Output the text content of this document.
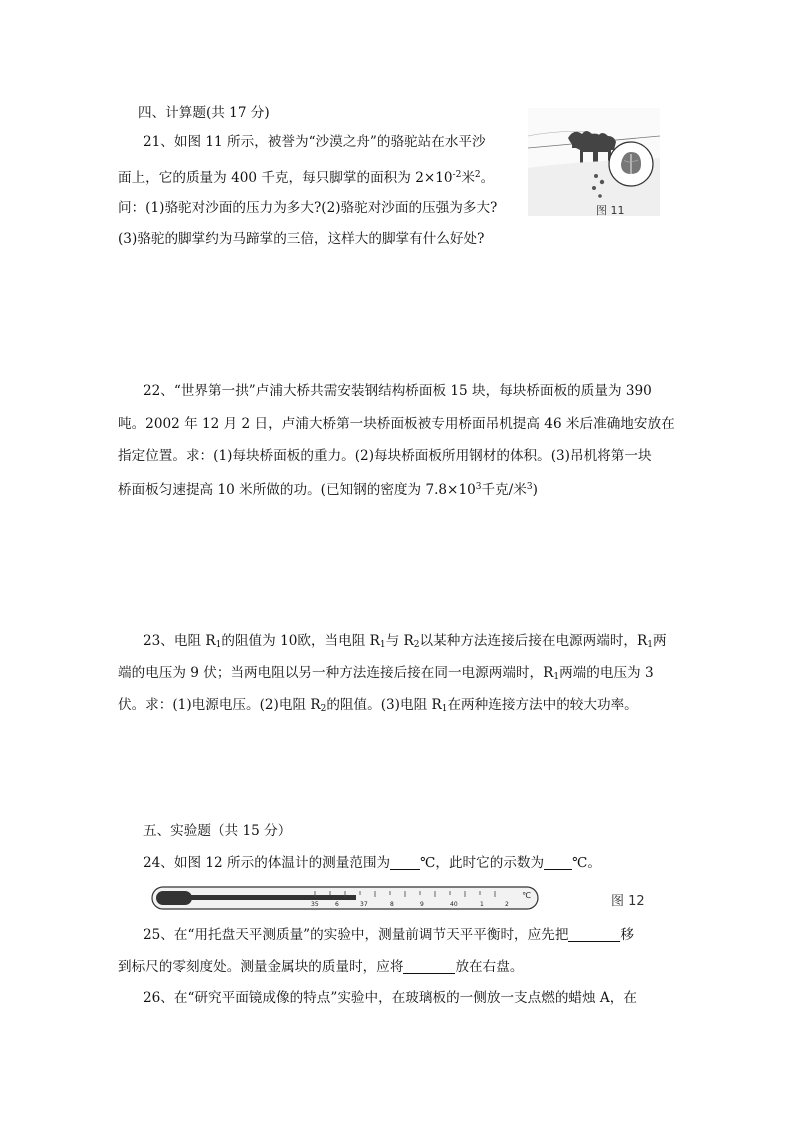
四、计算题(共 17 分)
21、如图 11 所示，被誉为“沙漠之舟”的骆驼站在水平沙
面上，它的质量为 400 千克，每只脚掌的面积为 $2\times 10^{-2}$米$^2$。
问：(1)骆驼对沙面的压力为多大?(2)骆驼对沙面的压强为多大?
(3)骆驼的脚掌约为马蹄掌的三倍，这样大的脚掌有什么好处?
图 11
22、“世界第一拱”卢浦大桥共需安装钢结构桥面板 15 块，每块桥面板的质量为 390
吨。2002 年 12 月 2 日，卢浦大桥第一块桥面板被专用桥面吊机提高 46 米后准确地安放在
指定位置。求：(1)每块桥面板的重力。(2)每块桥面板所用钢材的体积。(3)吊机将第一块
桥面板匀速提高 10 米所做的功。(已知钢的密度为 $7.8\times 10^3$千克/米$^3$)
23、电阻 $R_1$的阻值为 10欧，当电阻 $R_1$与 $R_2$以某种方法连接后接在电源两端时，$R_1$两
端的电压为 9 伏；当两电阻以另一种方法连接后接在同一电源两端时，$R_1$两端的电压为 3
伏。求：(1)电源电压。(2)电阻 $R_2$的阻值。(3)电阻 $R_1$在两种连接方法中的较大功率。
五、实验题（共 15 分）
24、如图 12 所示的体温计的测量范围为 ℃，此时它的示数为 ℃。
35	6	37	8	9	40	1	2
℃	图 12
25、在“用托盘天平测质量”的实验中，测量前调节天平平衡时，应先把	移
到标尺的零刻度处。测量金属块的质量时，应将	放在右盘。
26、在“研究平面镜成像的特点”实验中，在玻璃板的一侧放一支点燃的蜡烛 A，在
